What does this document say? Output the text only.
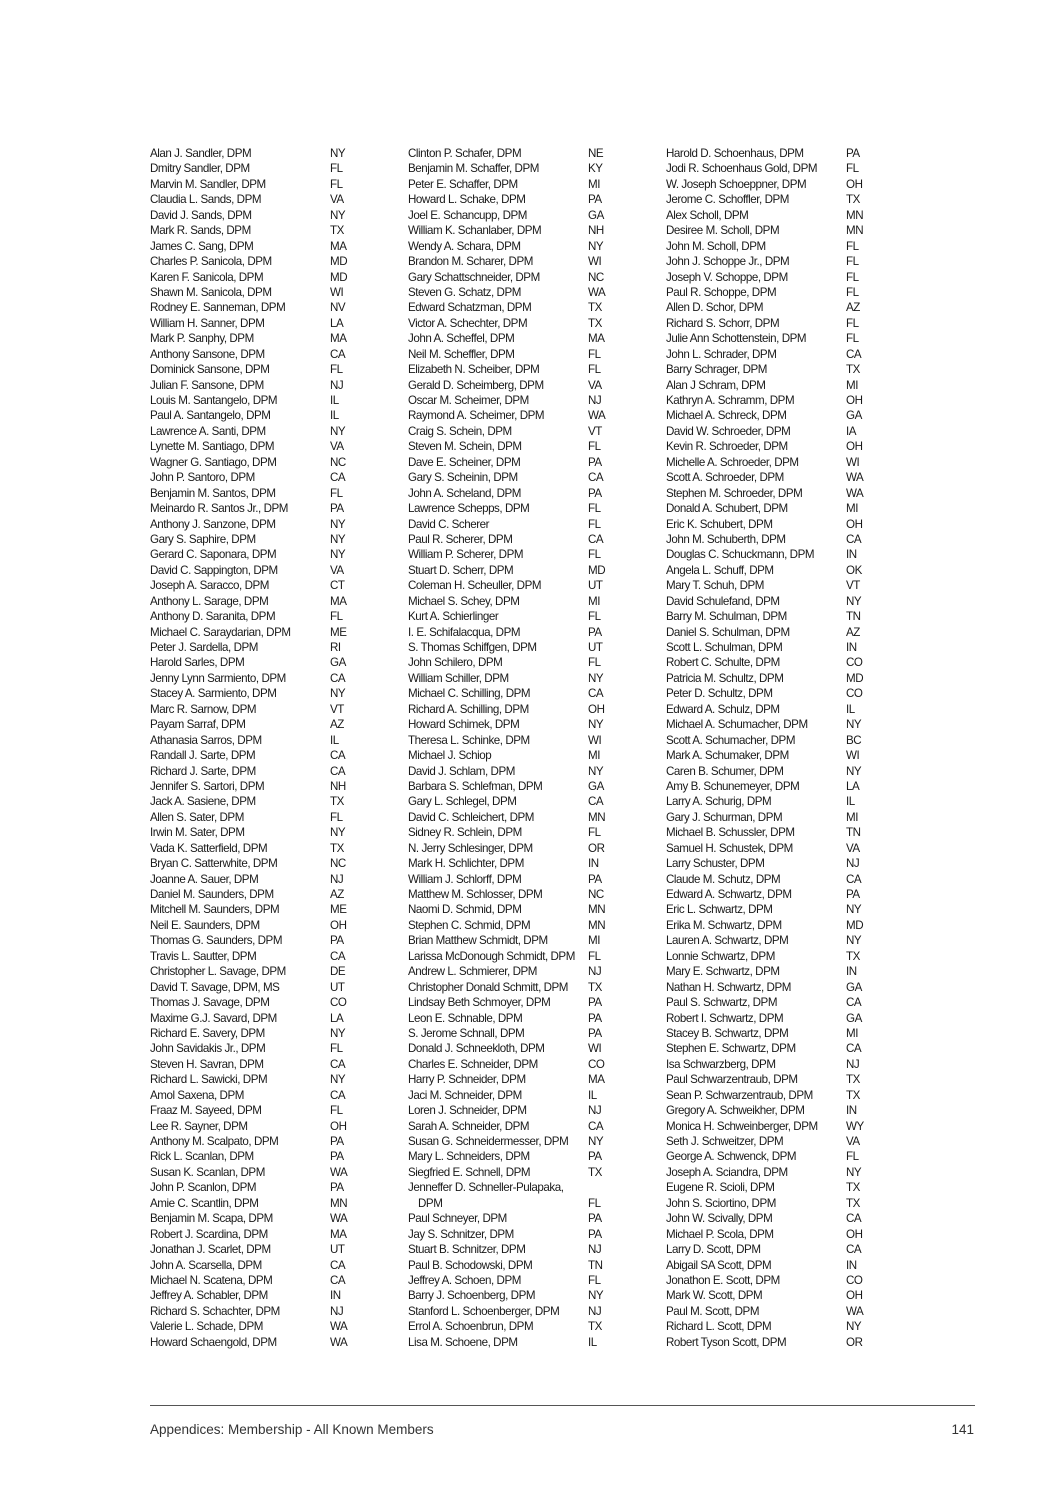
Alan J. Sandler, DPM	NY
Dmitry Sandler, DPM	FL
Marvin M. Sandler, DPM	FL
Claudia L. Sands, DPM	VA
David J. Sands, DPM	NY
Mark R. Sands, DPM	TX
James C. Sang, DPM	MA
Charles P. Sanicola, DPM	MD
Karen F. Sanicola, DPM	MD
Shawn M. Sanicola, DPM	WI
Rodney E. Sanneman, DPM	NV
William H. Sanner, DPM	LA
Mark P. Sanphy, DPM	MA
Anthony Sansone, DPM	CA
Dominick Sansone, DPM	FL
Julian F. Sansone, DPM	NJ
Louis M. Santangelo, DPM	IL
Paul A. Santangelo, DPM	IL
Lawrence A. Santi, DPM	NY
Lynette M. Santiago, DPM	VA
Wagner G. Santiago, DPM	NC
John P. Santoro, DPM	CA
Benjamin M. Santos, DPM	FL
Meinardo R. Santos Jr., DPM	PA
Anthony J. Sanzone, DPM	NY
Gary S. Saphire, DPM	NY
Gerard C. Saponara, DPM	NY
David C. Sappington, DPM	VA
Joseph A. Saracco, DPM	CT
Anthony L. Sarage, DPM	MA
Anthony D. Saranita, DPM	FL
Michael C. Saraydarian, DPM	ME
Peter J. Sardella, DPM	RI
Harold Sarles, DPM	GA
Jenny Lynn Sarmiento, DPM	CA
Stacey A. Sarmiento, DPM	NY
Marc R. Sarnow, DPM	VT
Payam Sarraf, DPM	AZ
Athanasia Sarros, DPM	IL
Randall J. Sarte, DPM	CA
Richard J. Sarte, DPM	CA
Jennifer S. Sartori, DPM	NH
Jack A. Sasiene, DPM	TX
Allen S. Sater, DPM	FL
Irwin M. Sater, DPM	NY
Vada K. Satterfield, DPM	TX
Bryan C. Satterwhite, DPM	NC
Joanne A. Sauer, DPM	NJ
Daniel M. Saunders, DPM	AZ
Mitchell M. Saunders, DPM	ME
Neil E. Saunders, DPM	OH
Thomas G. Saunders, DPM	PA
Travis L. Sautter, DPM	CA
Christopher L. Savage, DPM	DE
David T. Savage, DPM, MS	UT
Thomas J. Savage, DPM	CO
Maxime G.J. Savard, DPM	LA
Richard E. Savery, DPM	NY
John Savidakis Jr., DPM	FL
Steven H. Savran, DPM	CA
Richard L. Sawicki, DPM	NY
Amol Saxena, DPM	CA
Fraaz M. Sayeed, DPM	FL
Lee R. Sayner, DPM	OH
Anthony M. Scalpato, DPM	PA
Rick L. Scanlan, DPM	PA
Susan K. Scanlan, DPM	WA
John P. Scanlon, DPM	PA
Amie C. Scantlin, DPM	MN
Benjamin M. Scapa, DPM	WA
Robert J. Scardina, DPM	MA
Jonathan J. Scarlet, DPM	UT
John A. Scarsella, DPM	CA
Michael N. Scatena, DPM	CA
Jeffrey A. Schabler, DPM	IN
Richard S. Schachter, DPM	NJ
Valerie L. Schade, DPM	WA
Howard Schaengold, DPM	WA
Clinton P. Schafer, DPM	NE
Benjamin M. Schaffer, DPM	KY
Peter E. Schaffer, DPM	MI
Howard L. Schake, DPM	PA
Joel E. Schancupp, DPM	GA
William K. Schanlaber, DPM	NH
Wendy A. Schara, DPM	NY
Brandon M. Scharer, DPM	WI
Gary Schattschneider, DPM	NC
Steven G. Schatz, DPM	WA
Edward Schatzman, DPM	TX
Victor A. Schechter, DPM	TX
John A. Scheffel, DPM	MA
Neil M. Scheffler, DPM	FL
Elizabeth N. Scheiber, DPM	FL
Gerald D. Scheimberg, DPM	VA
Oscar M. Scheimer, DPM	NJ
Raymond A. Scheimer, DPM	WA
Craig S. Schein, DPM	VT
Steven M. Schein, DPM	FL
Dave E. Scheiner, DPM	PA
Gary S. Scheinin, DPM	CA
John A. Scheland, DPM	PA
Lawrence Schepps, DPM	FL
David C. Scherer	FL
Paul R. Scherer, DPM	CA
William P. Scherer, DPM	FL
Stuart D. Scherr, DPM	MD
Coleman H. Scheuller, DPM	UT
Michael S. Schey, DPM	MI
Kurt A. Schierlinger	FL
I. E. Schifalacqua, DPM	PA
S. Thomas Schiffgen, DPM	UT
John Schilero, DPM	FL
William Schiller, DPM	NY
Michael C. Schilling, DPM	CA
Richard A. Schilling, DPM	OH
Howard Schimek, DPM	NY
Theresa L. Schinke, DPM	WI
Michael J. Schiop	MI
David J. Schlam, DPM	NY
Barbara S. Schlefman, DPM	GA
Gary L. Schlegel, DPM	CA
David C. Schleichert, DPM	MN
Sidney R. Schlein, DPM	FL
N. Jerry Schlesinger, DPM	OR
Mark H. Schlichter, DPM	IN
William J. Schlorff, DPM	PA
Matthew M. Schlosser, DPM	NC
Naomi D. Schmid, DPM	MN
Stephen C. Schmid, DPM	MN
Brian Matthew Schmidt, DPM	MI
Larissa McDonough Schmidt, DPM	FL
Andrew L. Schmierer, DPM	NJ
Christopher Donald Schmitt, DPM	TX
Lindsay Beth Schmoyer, DPM	PA
Leon E. Schnable, DPM	PA
S. Jerome Schnall, DPM	PA
Donald J. Schneekloth, DPM	WI
Charles E. Schneider, DPM	CO
Harry P. Schneider, DPM	MA
Jaci M. Schneider, DPM	IL
Loren J. Schneider, DPM	NJ
Sarah A. Schneider, DPM	CA
Susan G. Schneidermesser, DPM	NY
Mary L. Schneiders, DPM	PA
Siegfried E. Schnell, DPM	TX
Jenneffer D. Schneller-Pulapaka,
DPM	FL
Paul Schneyer, DPM	PA
Jay S. Schnitzer, DPM	PA
Stuart B. Schnitzer, DPM	NJ
Paul B. Schodowski, DPM	TN
Jeffrey A. Schoen, DPM	FL
Barry J. Schoenberg, DPM	NY
Stanford L. Schoenberger, DPM	NJ
Errol A. Schoenbrun, DPM	TX
Lisa M. Schoene, DPM	IL
Harold D. Schoenhaus, DPM	PA
Jodi R. Schoenhaus Gold, DPM	FL
W. Joseph Schoeppner, DPM	OH
Jerome C. Schoffler, DPM	TX
Alex Scholl, DPM	MN
Desiree M. Scholl, DPM	MN
John M. Scholl, DPM	FL
John J. Schoppe Jr., DPM	FL
Joseph V. Schoppe, DPM	FL
Paul R. Schoppe, DPM	FL
Allen D. Schor, DPM	AZ
Richard S. Schorr, DPM	FL
Julie Ann Schottenstein, DPM	FL
John L. Schrader, DPM	CA
Barry Schrager, DPM	TX
Alan J Schram, DPM	MI
Kathryn A. Schramm, DPM	OH
Michael A. Schreck, DPM	GA
David W. Schroeder, DPM	IA
Kevin R. Schroeder, DPM	OH
Michelle A. Schroeder, DPM	WI
Scott A. Schroeder, DPM	WA
Stephen M. Schroeder, DPM	WA
Donald A. Schubert, DPM	MI
Eric K. Schubert, DPM	OH
John M. Schuberth, DPM	CA
Douglas C. Schuckmann, DPM	IN
Angela L. Schuff, DPM	OK
Mary T. Schuh, DPM	VT
David Schulefand, DPM	NY
Barry M. Schulman, DPM	TN
Daniel S. Schulman, DPM	AZ
Scott L. Schulman, DPM	IN
Robert C. Schulte, DPM	CO
Patricia M. Schultz, DPM	MD
Peter D. Schultz, DPM	CO
Edward A. Schulz, DPM	IL
Michael A. Schumacher, DPM	NY
Scott A. Schumacher, DPM	BC
Mark A. Schumaker, DPM	WI
Caren B. Schumer, DPM	NY
Amy B. Schunemeyer, DPM	LA
Larry A. Schurig, DPM	IL
Gary J. Schurman, DPM	MI
Michael B. Schussler, DPM	TN
Samuel H. Schustek, DPM	VA
Larry Schuster, DPM	NJ
Claude M. Schutz, DPM	CA
Edward A. Schwartz, DPM	PA
Eric L. Schwartz, DPM	NY
Erika M. Schwartz, DPM	MD
Lauren A. Schwartz, DPM	NY
Lonnie Schwartz, DPM	TX
Mary E. Schwartz, DPM	IN
Nathan H. Schwartz, DPM	GA
Paul S. Schwartz, DPM	CA
Robert I. Schwartz, DPM	GA
Stacey B. Schwartz, DPM	MI
Stephen E. Schwartz, DPM	CA
Isa Schwarzberg, DPM	NJ
Paul Schwarzentraub, DPM	TX
Sean P. Schwarzentraub, DPM	TX
Gregory A. Schweikher, DPM	IN
Monica H. Schweinberger, DPM	WY
Seth J. Schweitzer, DPM	VA
George A. Schwenck, DPM	FL
Joseph A. Sciandra, DPM	NY
Eugene R. Scioli, DPM	TX
John S. Sciortino, DPM	TX
John W. Scivally, DPM	CA
Michael P. Scola, DPM	OH
Larry D. Scott, DPM	CA
Abigail SA Scott, DPM	IN
Jonathon E. Scott, DPM	CO
Mark W. Scott, DPM	OH
Paul M. Scott, DPM	WA
Richard L. Scott, DPM	NY
Robert Tyson Scott, DPM	OR
Appendices: Membership - All Known Members	141
